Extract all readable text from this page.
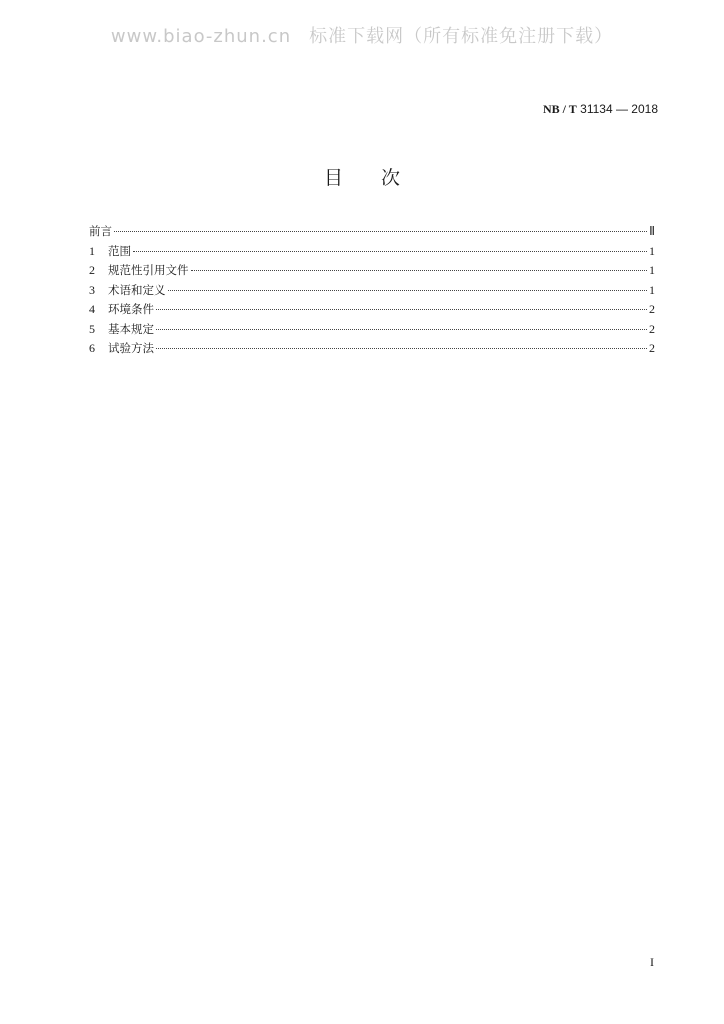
www.biao-zhun.cn 标准下载网（所有标准免注册下载）
NB / T 31134 — 2018
目次
前言	Ⅱ
1	范围	1
2	规范性引用文件	1
3	术语和定义	1
4	环境条件	2
5	基本规定	2
6	试验方法	2
I
